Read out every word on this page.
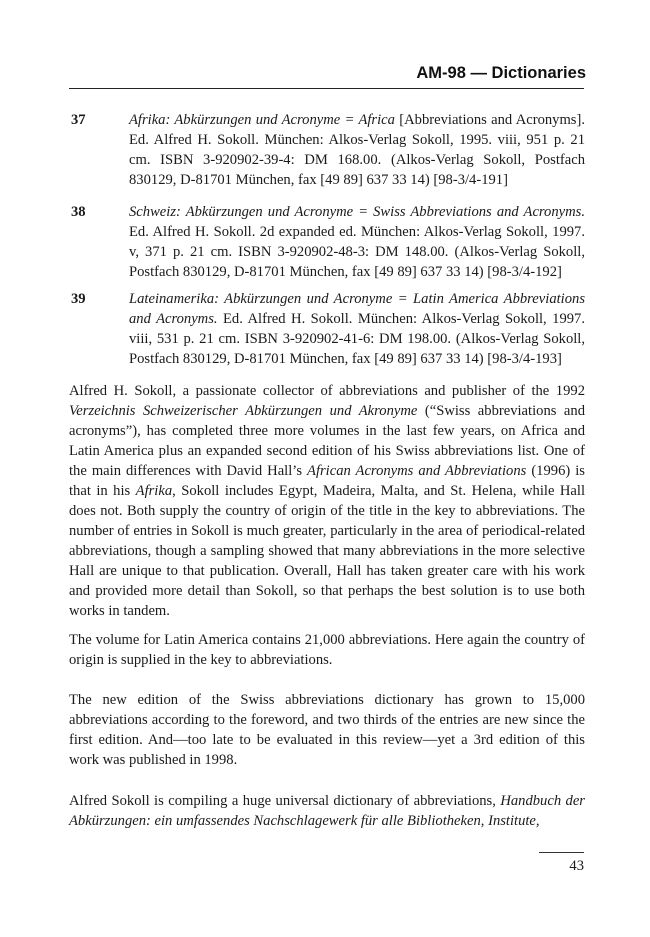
AM-98 — Dictionaries
37	Afrika: Abkürzungen und Acronyme = Africa [Abbreviations and Acronyms]. Ed. Alfred H. Sokoll. München: Alkos-Verlag Sokoll, 1995. viii, 951 p. 21 cm. ISBN 3-920902-39-4: DM 168.00. (Alkos-Verlag Sokoll, Postfach 830129, D-81701 München, fax [49 89] 637 33 14) [98-3/4-191]
38	Schweiz: Abkürzungen und Acronyme = Swiss Abbreviations and Acronyms. Ed. Alfred H. Sokoll. 2d expanded ed. München: Alkos-Verlag Sokoll, 1997. v, 371 p. 21 cm. ISBN 3-920902-48-3: DM 148.00. (Alkos-Verlag Sokoll, Postfach 830129, D-81701 München, fax [49 89] 637 33 14) [98-3/4-192]
39	Lateinamerika: Abkürzungen und Acronyme = Latin America Abbreviations and Acronyms. Ed. Alfred H. Sokoll. München: Alkos-Verlag Sokoll, 1997. viii, 531 p. 21 cm. ISBN 3-920902-41-6: DM 198.00. (Alkos-Verlag Sokoll, Postfach 830129, D-81701 München, fax [49 89] 637 33 14) [98-3/4-193]

Alfred H. Sokoll, a passionate collector of abbreviations and publisher of the 1992 Verzeichnis Schweizerischer Abkürzungen und Akronyme (“Swiss abbreviations and acronyms”), has completed three more volumes in the last few years, on Africa and Latin America plus an expanded second edition of his Swiss abbreviations list. One of the main differences with David Hall’s African Acronyms and Abbreviations (1996) is that in his Afrika, Sokoll includes Egypt, Madeira, Malta, and St. Helena, while Hall does not. Both supply the country of origin of the title in the key to abbreviations. The number of entries in Sokoll is much greater, particularly in the area of periodical-related abbreviations, though a sampling showed that many abbreviations in the more selective Hall are unique to that publication. Overall, Hall has taken greater care with his work and provided more detail than Sokoll, so that perhaps the best solution is to use both works in tandem.

The volume for Latin America contains 21,000 abbreviations. Here again the country of origin is supplied in the key to abbreviations.

The new edition of the Swiss abbreviations dictionary has grown to 15,000 abbreviations according to the foreword, and two thirds of the entries are new since the first edition. And—too late to be evaluated in this review—yet a 3rd edition of this work was published in 1998.

Alfred Sokoll is compiling a huge universal dictionary of abbreviations, Handbuch der Abkürzungen: ein umfassendes Nachschlagewerk für alle Bibliotheken, Institute,

43
